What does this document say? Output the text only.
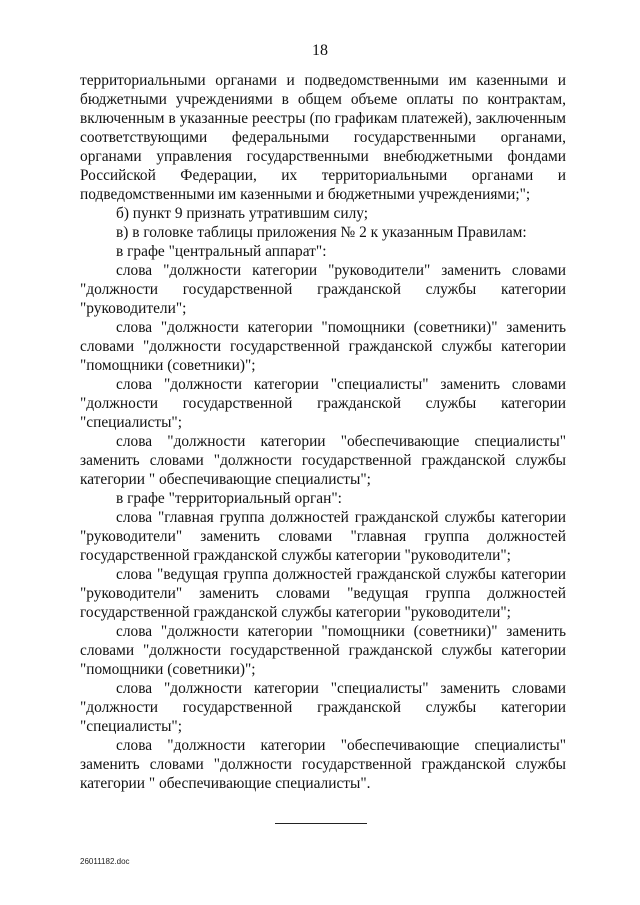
18

территориальными органами и подведомственными им казенными и бюджетными учреждениями в общем объеме оплаты по контрактам, включенным в указанные реестры (по графикам платежей), заключенным соответствующими федеральными государственными органами, органами управления государственными внебюджетными фондами Российской Федерации, их территориальными органами и подведомственными им казенными и бюджетными учреждениями;";

б) пункт 9 признать утратившим силу;

в) в головке таблицы приложения № 2 к указанным Правилам:

в графе "центральный аппарат":

слова "должности категории "руководители" заменить словами "должности государственной гражданской службы категории "руководители";

слова "должности категории "помощники (советники)" заменить словами "должности государственной гражданской службы категории "помощники (советники)";

слова "должности категории "специалисты" заменить словами "должности государственной гражданской службы категории "специалисты";

слова "должности категории "обеспечивающие специалисты" заменить словами "должности государственной гражданской службы категории " обеспечивающие специалисты";

в графе "территориальный орган":

слова "главная группа должностей гражданской службы категории "руководители" заменить словами "главная группа должностей государственной гражданской службы категории "руководители";

слова "ведущая группа должностей гражданской службы категории "руководители" заменить словами "ведущая группа должностей государственной гражданской службы категории "руководители";

слова "должности категории "помощники (советники)" заменить словами "должности государственной гражданской службы категории "помощники (советники)";

слова "должности категории "специалисты" заменить словами "должности государственной гражданской службы категории "специалисты";

слова "должности категории "обеспечивающие специалисты" заменить словами "должности государственной гражданской службы категории " обеспечивающие специалисты".

26011182.doc
